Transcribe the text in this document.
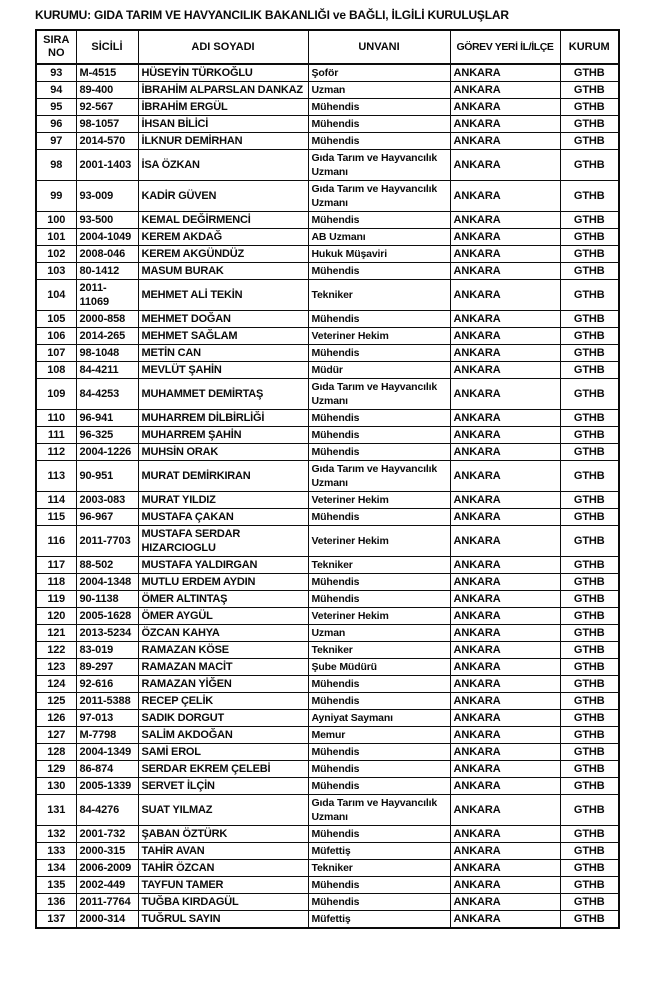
KURUMU: GIDA TARIM VE HAVYANCILIK BAKANLIĞI ve BAĞLI, İLGİLİ KURULUŞLAR
SIRA NO	SİCİLİ	ADI SOYADI	UNVANI	GÖREV YERİ İL/İLÇE	KURUM
93	M-4515	HÜSEYİN TÜRKOĞLU	Şoför	ANKARA	GTHB
94	89-400	İBRAHİM ALPARSLAN DANKAZ	Uzman	ANKARA	GTHB
95	92-567	İBRAHİM ERGÜL	Mühendis	ANKARA	GTHB
96	98-1057	İHSAN BİLİCİ	Mühendis	ANKARA	GTHB
97	2014-570	İLKNUR DEMİRHAN	Mühendis	ANKARA	GTHB
98	2001-1403	İSA ÖZKAN	Gıda Tarım ve Hayvancılık Uzmanı	ANKARA	GTHB
99	93-009	KADİR GÜVEN	Gıda Tarım ve Hayvancılık Uzmanı	ANKARA	GTHB
100	93-500	KEMAL DEĞİRMENCİ	Mühendis	ANKARA	GTHB
101	2004-1049	KEREM AKDAĞ	AB Uzmanı	ANKARA	GTHB
102	2008-046	KEREM AKGÜNDÜZ	Hukuk Müşaviri	ANKARA	GTHB
103	80-1412	MASUM BURAK	Mühendis	ANKARA	GTHB
104	2011-11069	MEHMET ALİ TEKİN	Tekniker	ANKARA	GTHB
105	2000-858	MEHMET DOĞAN	Mühendis	ANKARA	GTHB
106	2014-265	MEHMET SAĞLAM	Veteriner Hekim	ANKARA	GTHB
107	98-1048	METİN CAN	Mühendis	ANKARA	GTHB
108	84-4211	MEVLÜT ŞAHİN	Müdür	ANKARA	GTHB
109	84-4253	MUHAMMET DEMİRTAŞ	Gıda Tarım ve Hayvancılık Uzmanı	ANKARA	GTHB
110	96-941	MUHARREM DİLBİRLİĞİ	Mühendis	ANKARA	GTHB
111	96-325	MUHARREM ŞAHİN	Mühendis	ANKARA	GTHB
112	2004-1226	MUHSİN ORAK	Mühendis	ANKARA	GTHB
113	90-951	MURAT DEMİRKIRAN	Gıda Tarım ve Hayvancılık Uzmanı	ANKARA	GTHB
114	2003-083	MURAT YILDIZ	Veteriner Hekim	ANKARA	GTHB
115	96-967	MUSTAFA ÇAKAN	Mühendis	ANKARA	GTHB
116	2011-7703	MUSTAFA SERDAR HIZARCIOGLU	Veteriner Hekim	ANKARA	GTHB
117	88-502	MUSTAFA YALDIRGAN	Tekniker	ANKARA	GTHB
118	2004-1348	MUTLU ERDEM AYDIN	Mühendis	ANKARA	GTHB
119	90-1138	ÖMER ALTINTAŞ	Mühendis	ANKARA	GTHB
120	2005-1628	ÖMER AYGÜL	Veteriner Hekim	ANKARA	GTHB
121	2013-5234	ÖZCAN KAHYA	Uzman	ANKARA	GTHB
122	83-019	RAMAZAN KÖSE	Tekniker	ANKARA	GTHB
123	89-297	RAMAZAN MACİT	Şube Müdürü	ANKARA	GTHB
124	92-616	RAMAZAN YİĞEN	Mühendis	ANKARA	GTHB
125	2011-5388	RECEP ÇELİK	Mühendis	ANKARA	GTHB
126	97-013	SADIK DORGUT	Ayniyat Saymanı	ANKARA	GTHB
127	M-7798	SALİM AKDOĞAN	Memur	ANKARA	GTHB
128	2004-1349	SAMİ EROL	Mühendis	ANKARA	GTHB
129	86-874	SERDAR EKREM ÇELEBİ	Mühendis	ANKARA	GTHB
130	2005-1339	SERVET İLÇİN	Mühendis	ANKARA	GTHB
131	84-4276	SUAT YILMAZ	Gıda Tarım ve Hayvancılık Uzmanı	ANKARA	GTHB
132	2001-732	ŞABAN ÖZTÜRK	Mühendis	ANKARA	GTHB
133	2000-315	TAHİR AVAN	Müfettiş	ANKARA	GTHB
134	2006-2009	TAHİR ÖZCAN	Tekniker	ANKARA	GTHB
135	2002-449	TAYFUN TAMER	Mühendis	ANKARA	GTHB
136	2011-7764	TUĞBA KIRDAGÜL	Mühendis	ANKARA	GTHB
137	2000-314	TUĞRUL SAYIN	Müfettiş	ANKARA	GTHB
